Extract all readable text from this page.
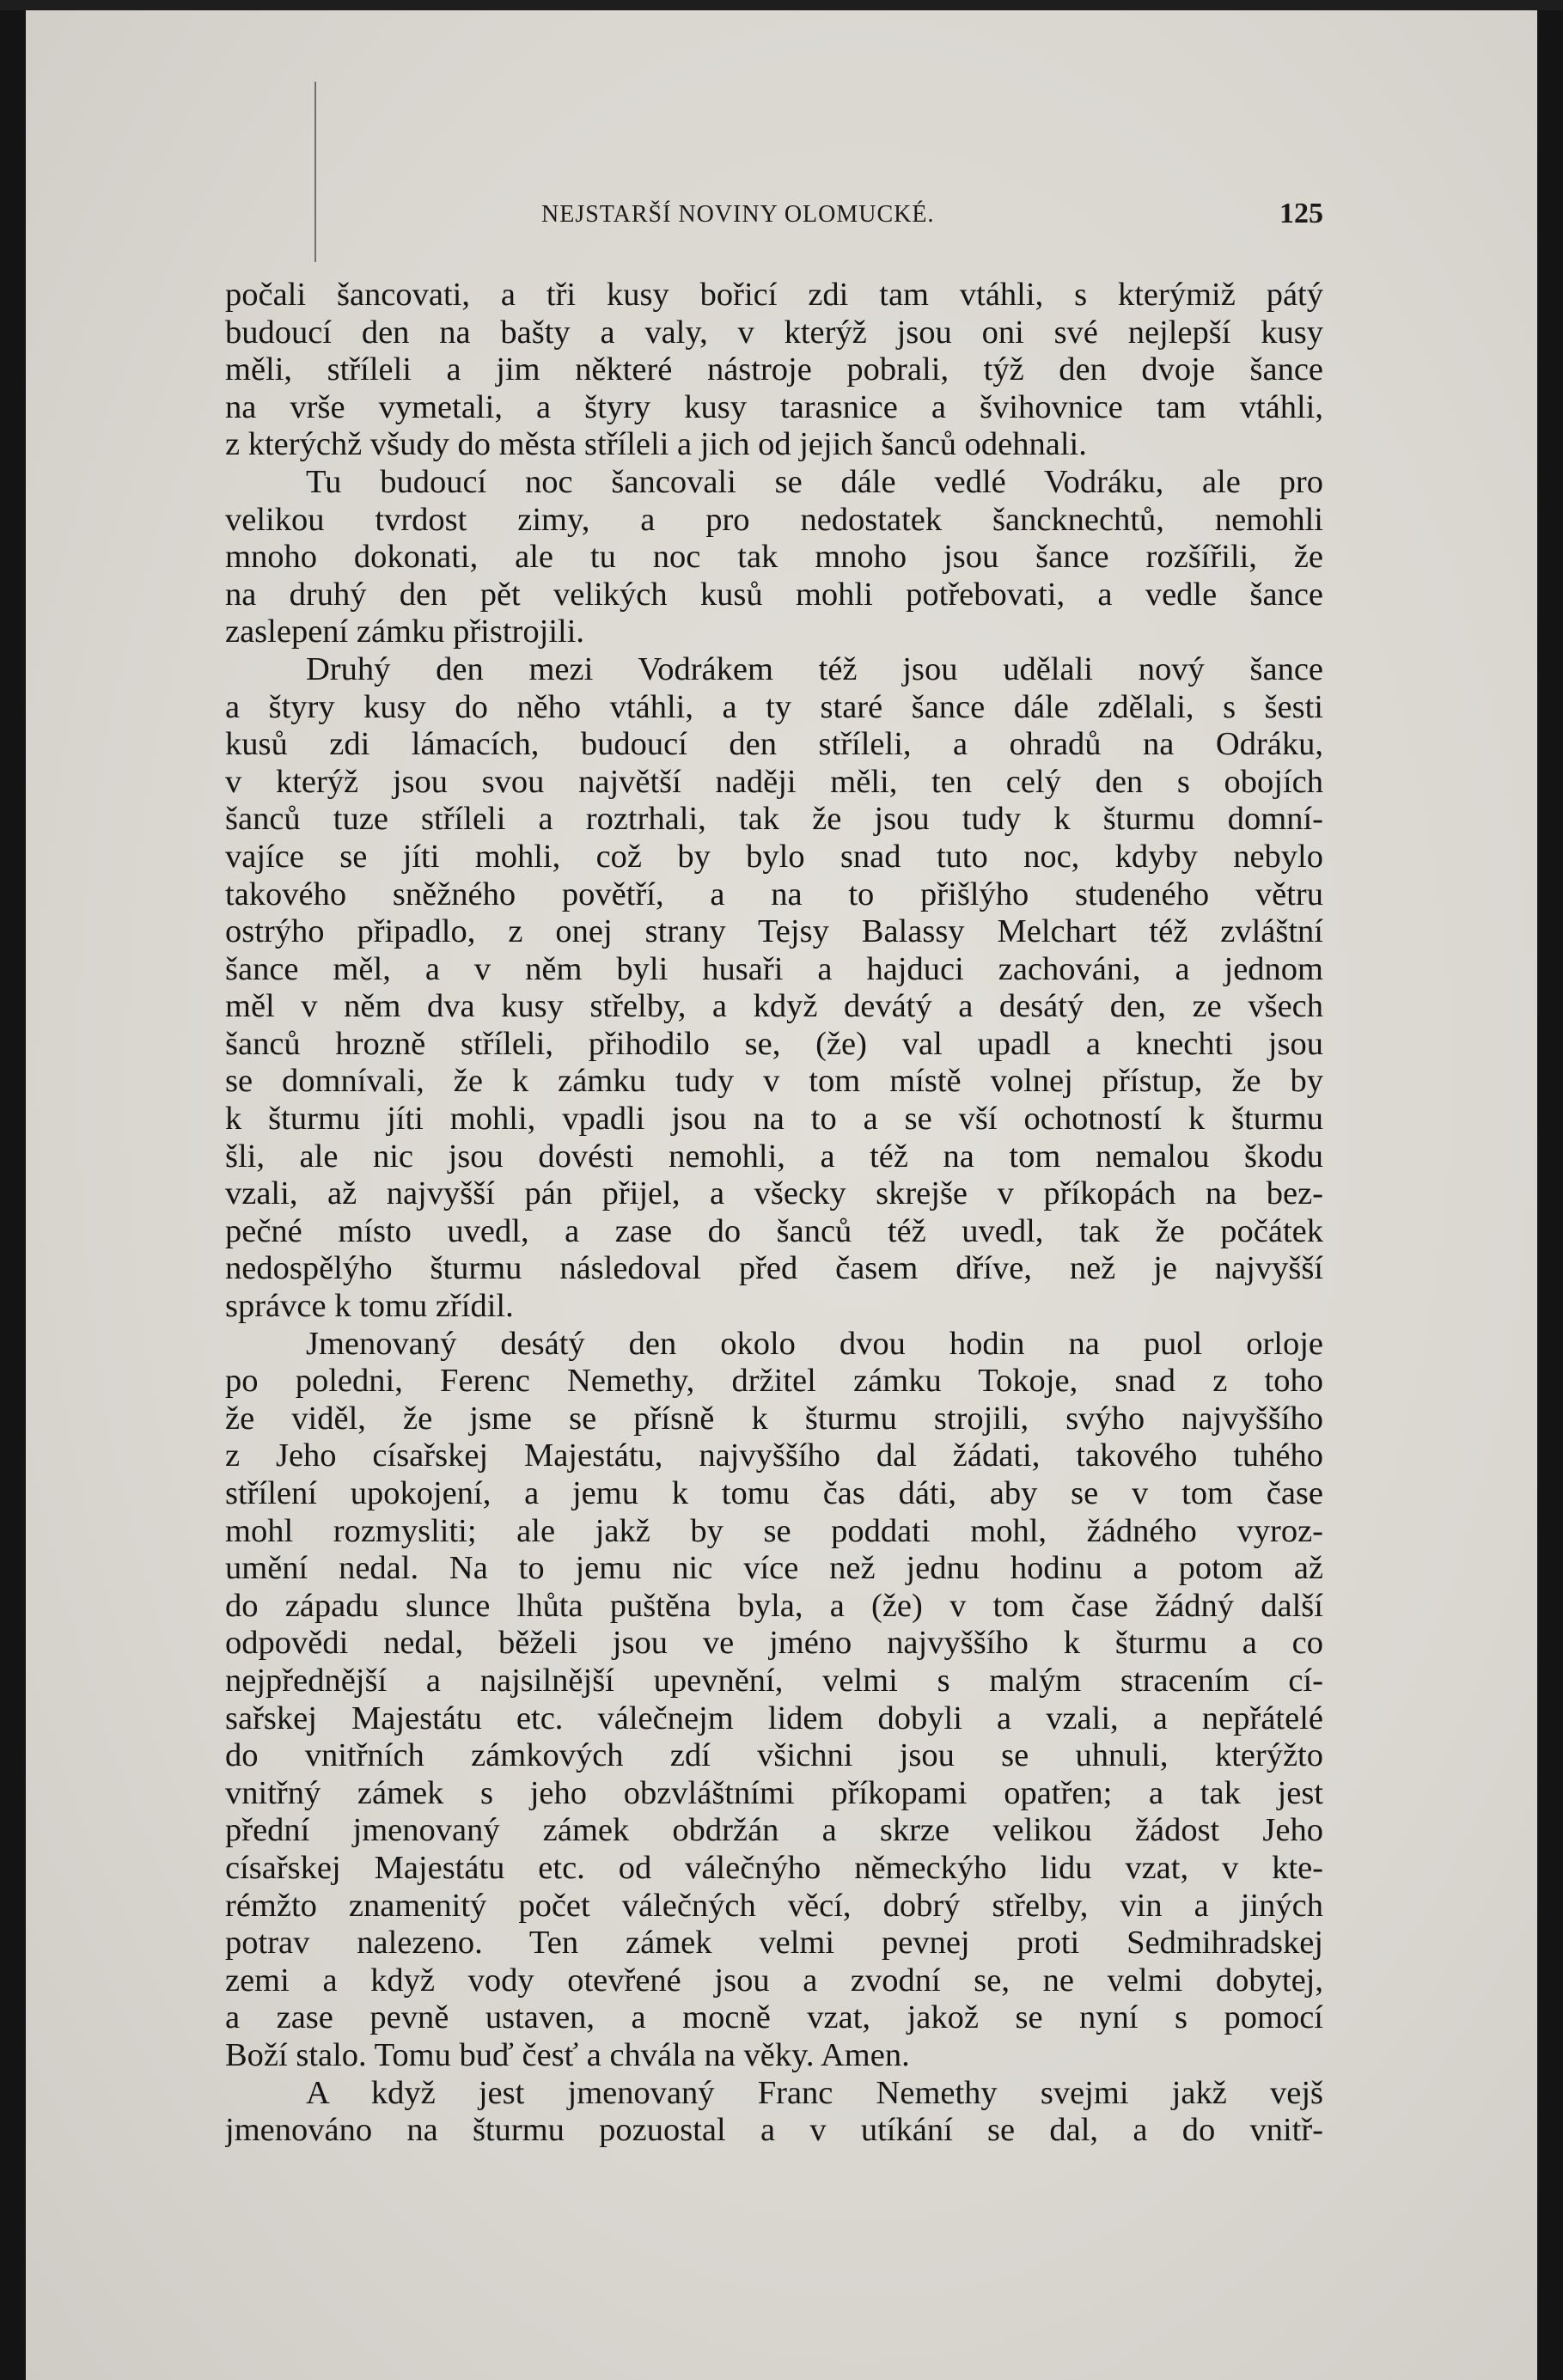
NEJSTARŠÍ NOVINY OLOMUCKÉ.	125
počali šancovati, a tři kusy bořicí zdi tam vtáhli, s kterýmiž pátý
budoucí den na bašty a valy, v kterýž jsou oni své nejlepší kusy
měli, stříleli a jim některé nástroje pobrali, týž den dvoje šance
na vrše vymetali, a štyry kusy tarasnice a švihovnice tam vtáhli,
z kterýchž všudy do města stříleli a jich od jejich šanců odehnali.
Tu budoucí noc šancovali se dále vedlé Vodráku, ale pro
velikou tvrdost zimy, a pro nedostatek šancknechtů, nemohli
mnoho dokonati, ale tu noc tak mnoho jsou šance rozšířili, že
na druhý den pět velikých kusů mohli potřebovati, a vedle šance
zaslepení zámku přistrojili.
Druhý den mezi Vodrákem též jsou udělali nový šance
a štyry kusy do něho vtáhli, a ty staré šance dále zdělali, s šesti
kusů zdi lámacích, budoucí den stříleli, a ohradů na Odráku,
v kterýž jsou svou najvětší naději měli, ten celý den s obojích
šanců tuze stříleli a roztrhali, tak že jsou tudy k šturmu domní-
vajíce se jíti mohli, což by bylo snad tuto noc, kdyby nebylo
takového sněžného povětří, a na to přišlýho studeného větru
ostrýho připadlo, z onej strany Tejsy Balassy Melchart též zvláštní
šance měl, a v něm byli husaři a hajduci zachováni, a jednom
měl v něm dva kusy střelby, a když devátý a desátý den, ze všech
šanců hrozně stříleli, přihodilo se, (že) val upadl a knechti jsou
se domnívali, že k zámku tudy v tom místě volnej přístup, že by
k šturmu jíti mohli, vpadli jsou na to a se vší ochotností k šturmu
šli, ale nic jsou dovésti nemohli, a též na tom nemalou škodu
vzali, až najvyšší pán přijel, a všecky skrejše v příkopách na bez-
pečné místo uvedl, a zase do šanců též uvedl, tak že počátek
nedospělýho šturmu následoval před časem dříve, než je najvyšší
správce k tomu zřídil.
Jmenovaný desátý den okolo dvou hodin na puol orloje
po poledni, Ferenc Nemethy, držitel zámku Tokoje, snad z toho
že viděl, že jsme se přísně k šturmu strojili, svýho najvyššího
z Jeho císařskej Majestátu, najvyššího dal žádati, takového tuhého
střílení upokojení, a jemu k tomu čas dáti, aby se v tom čase
mohl rozmysliti; ale jakž by se poddati mohl, žádného vyroz-
umění nedal. Na to jemu nic více než jednu hodinu a potom až
do západu slunce lhůta puštěna byla, a (že) v tom čase žádný další
odpovědi nedal, běželi jsou ve jméno najvyššího k šturmu a co
nejpřednější a najsilnější upevnění, velmi s malým stracením cí-
sařskej Majestátu etc. válečnejm lidem dobyli a vzali, a nepřátelé
do vnitřních zámkových zdí všichni jsou se uhnuli, kterýžto
vnitřný zámek s jeho obzvláštními příkopami opatřen; a tak jest
přední jmenovaný zámek obdržán a skrze velikou žádost Jeho
císařskej Majestátu etc. od válečnýho německýho lidu vzat, v kte-
rémžto znamenitý počet válečných věcí, dobrý střelby, vin a jiných
potrav nalezeno. Ten zámek velmi pevnej proti Sedmihradskej
zemi a když vody otevřené jsou a zvodní se, ne velmi dobytej,
a zase pevně ustaven, a mocně vzat, jakož se nyní s pomocí
Boží stalo. Tomu buď česť a chvála na věky. Amen.
A když jest jmenovaný Franc Nemethy svejmi jakž vejš
jmenováno na šturmu pozuostal a v utíkání se dal, a do vnitř-
